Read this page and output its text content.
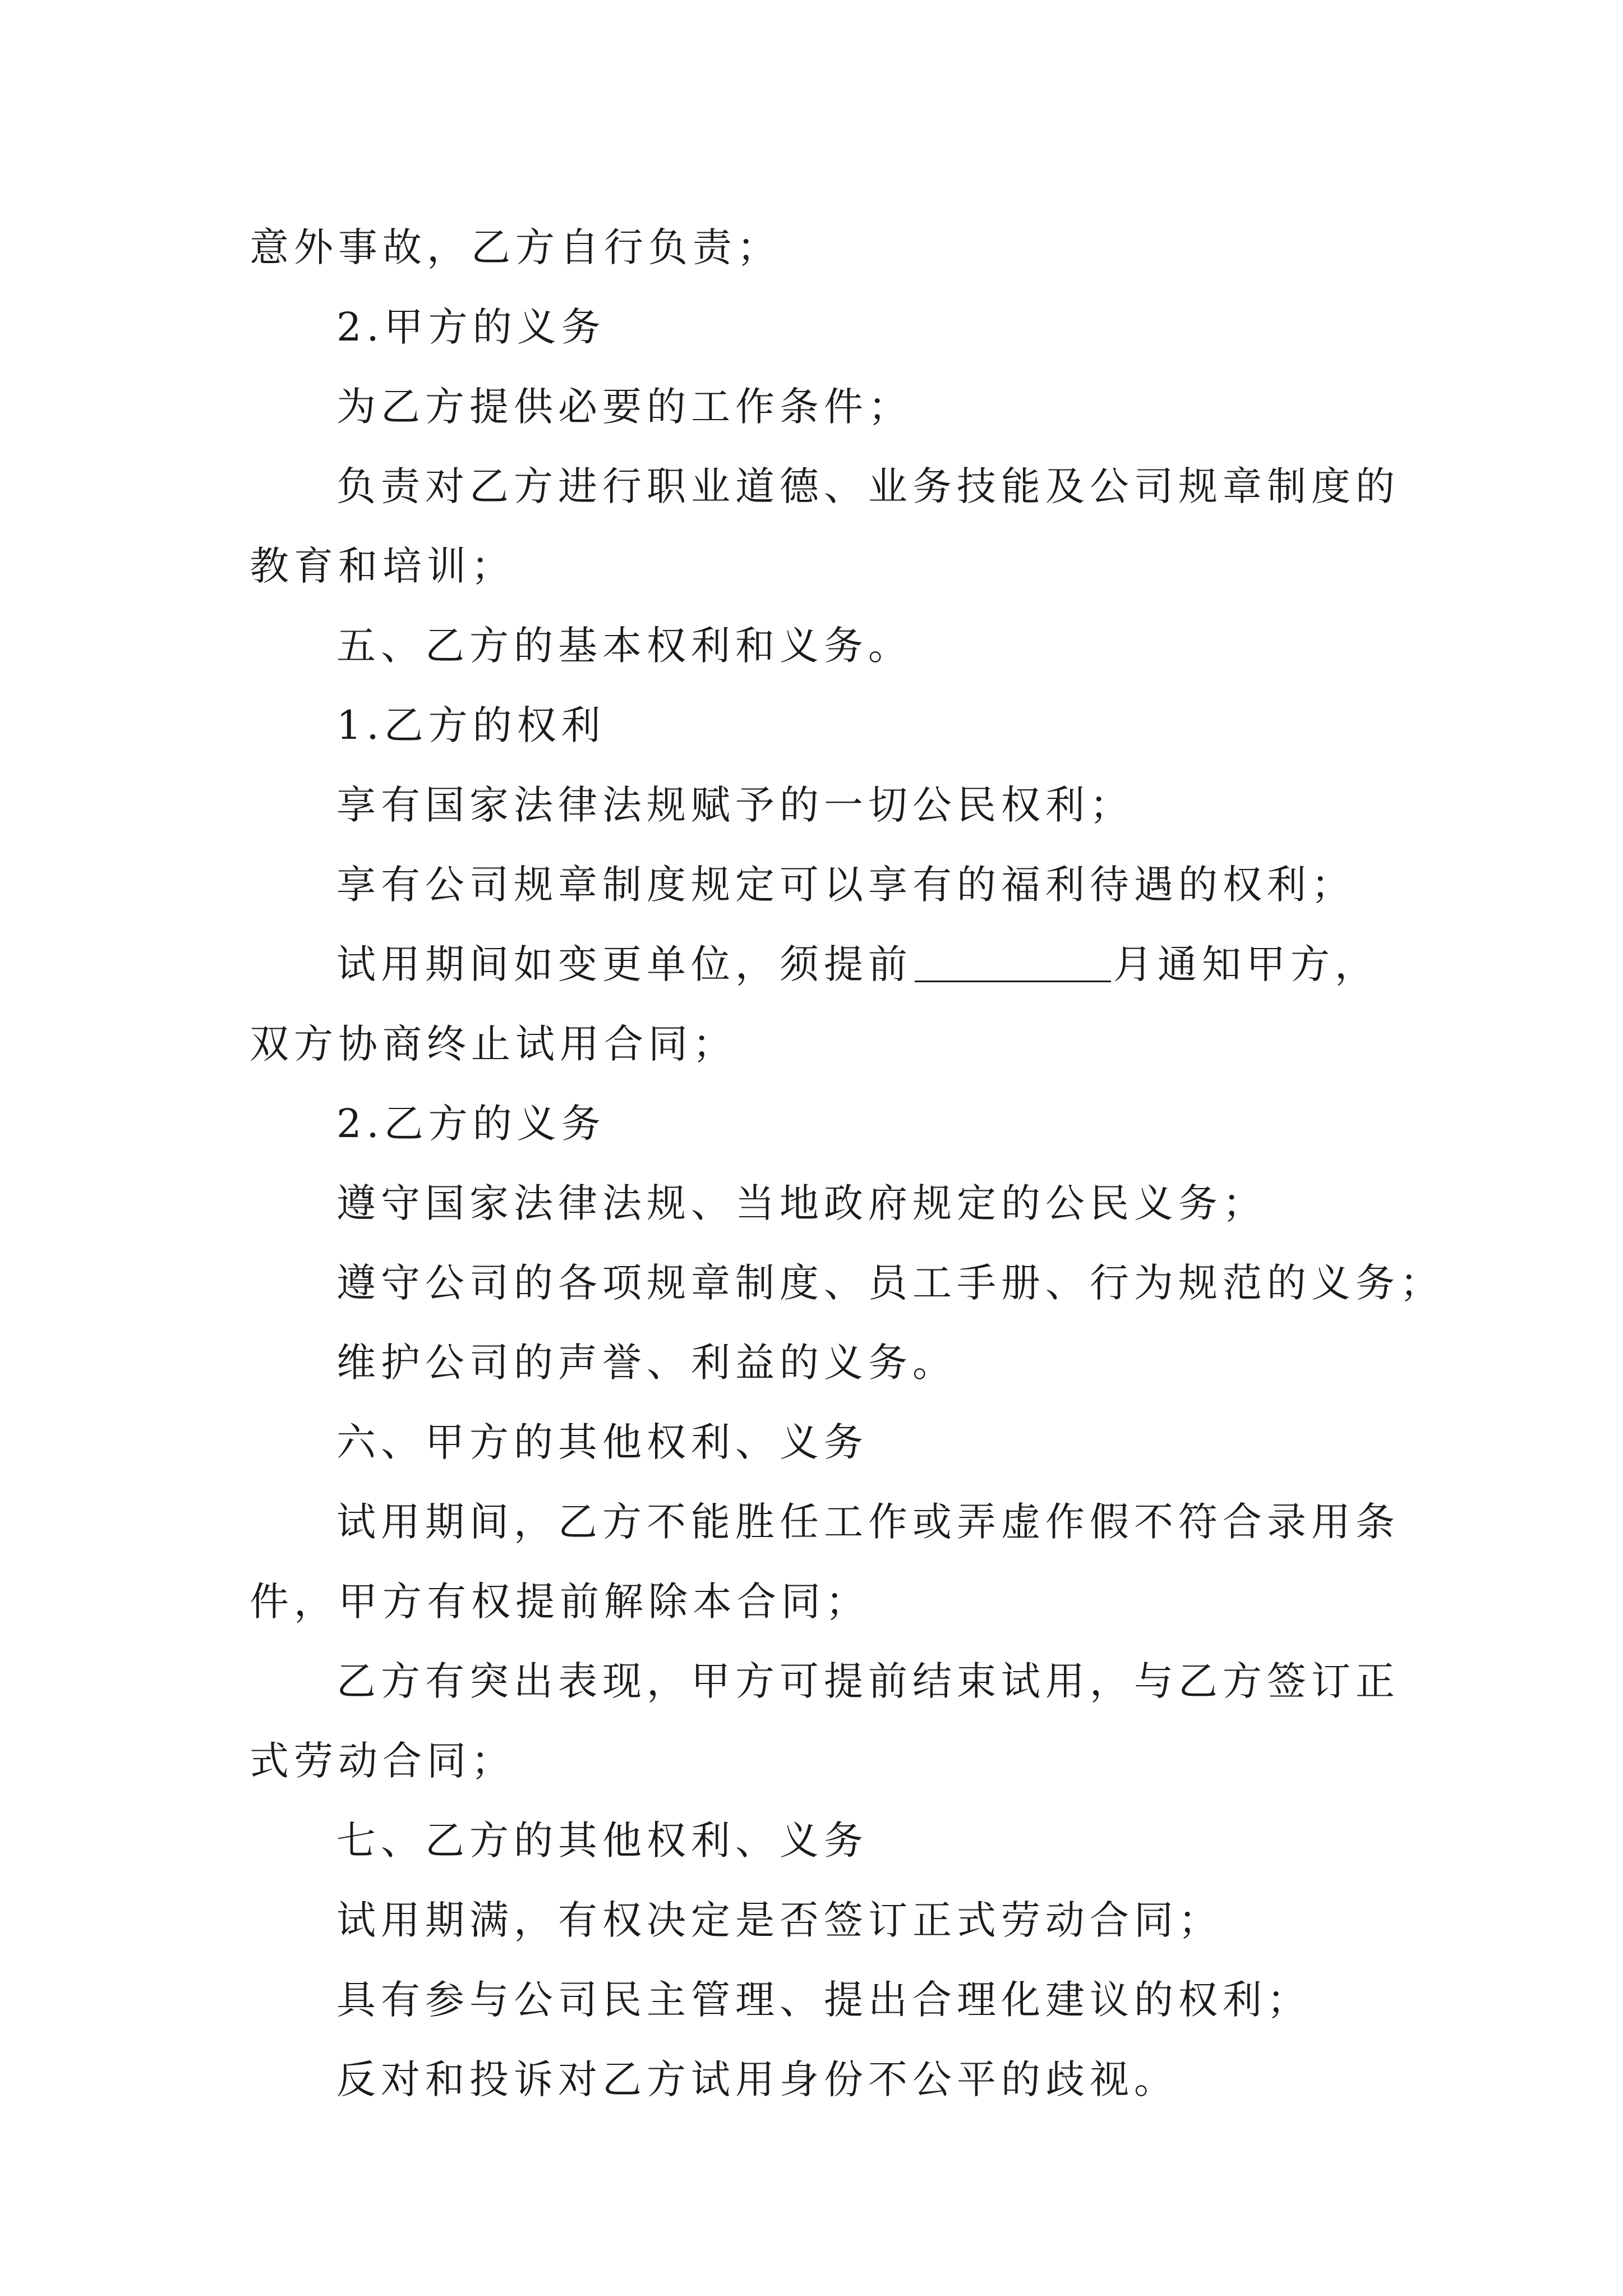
意外事故，乙方自行负责；
2.甲方的义务
为乙方提供必要的工作条件；
负责对乙方进行职业道德、业务技能及公司规章制度的
教育和培训；
五、乙方的基本权利和义务。
1.乙方的权利
享有国家法律法规赋予的一切公民权利；
享有公司规章制度规定可以享有的福利待遇的权利；
试用期间如变更单位，须提前	月通知甲方，
双方协商终止试用合同；
2.乙方的义务
遵守国家法律法规、当地政府规定的公民义务；
遵守公司的各项规章制度、员工手册、行为规范的义务；
维护公司的声誉、利益的义务。
六、甲方的其他权利、义务
试用期间，乙方不能胜任工作或弄虚作假不符合录用条
件，甲方有权提前解除本合同；
乙方有突出表现，甲方可提前结束试用，与乙方签订正
式劳动合同；
七、乙方的其他权利、义务
试用期满，有权决定是否签订正式劳动合同；
具有参与公司民主管理、提出合理化建议的权利；
反对和投诉对乙方试用身份不公平的歧视。
